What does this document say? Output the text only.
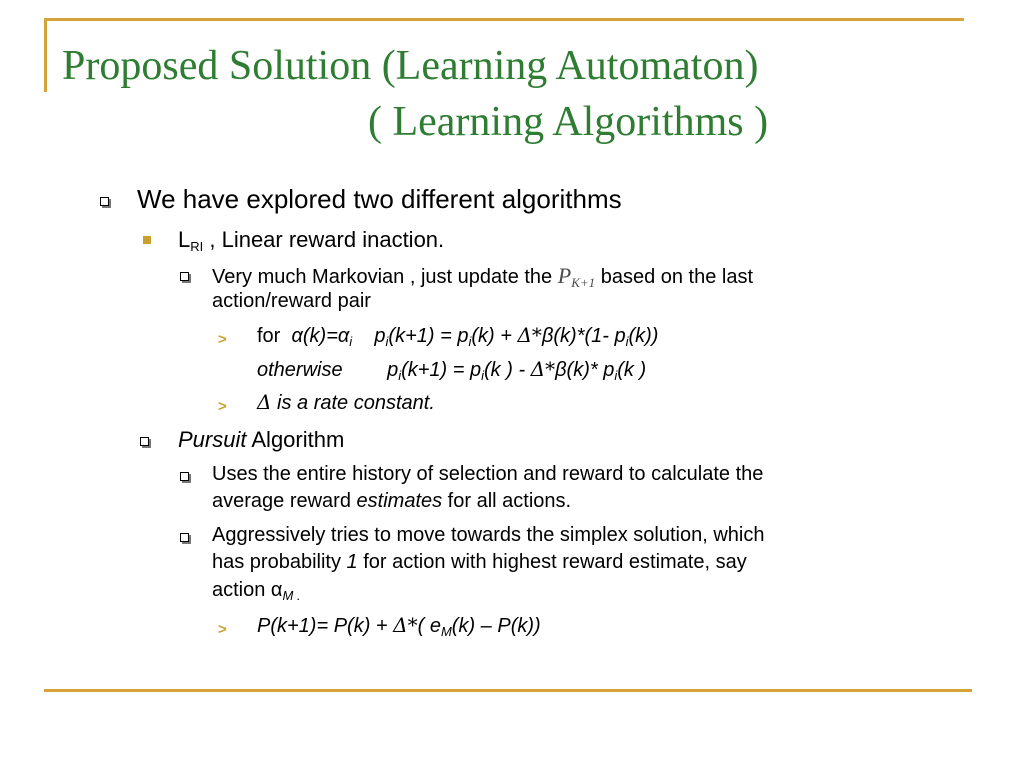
Proposed Solution (Learning Automaton)
( Learning Algorithms )
We have explored two different algorithms
$L_{RI}$ , Linear reward inaction.
Very much Markovian , just update the $P_{K+1}$ based on the last
action/reward pair
> for $\alpha(k)=\alpha_i$ $p_i(k+1) = p_i(k) + \Delta*\beta(k)*(1-$ $p_i(k)$)
otherwise $p_i(k+1) = p_i(k$ ) - Δ*β(k)* $p_i(k$ )
> Δ is a rate constant.
Pursuit Algorithm
Uses the entire history of selection and reward to calculate the
average reward estimates for all actions.
Aggressively tries to move towards the simplex solution, which
has probability 1 for action with highest reward estimate, say
action $\alpha_{M .}$
> P(k+1)= P(k) + Δ*( $e_M(k) - P(k)$)
